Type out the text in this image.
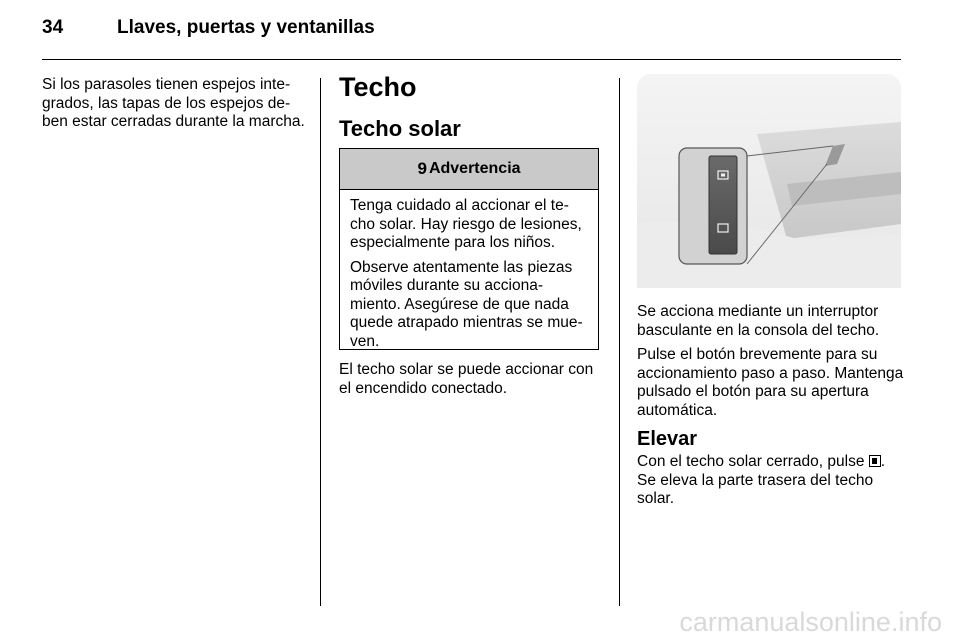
34	Llaves, puertas y ventanillas

Si los parasoles tienen espejos integrados, las tapas de los espejos deben estar cerradas durante la marcha.

Techo
Techo solar
9 Advertencia

Tenga cuidado al accionar el techo solar. Hay riesgo de lesiones, especialmente para los niños.

Observe atentamente las piezas móviles durante su accionamiento. Asegúrese de que nada quede atrapado mientras se mueven.

El techo solar se puede accionar con el encendido conectado.

Se acciona mediante un interruptor basculante en la consola del techo.

Pulse el botón brevemente para su accionamiento paso a paso. Mantenga pulsado el botón para su apertura automática.

Elevar
Con el techo solar cerrado, pulse . Se eleva la parte trasera del techo solar.
carmanualsonline.info
